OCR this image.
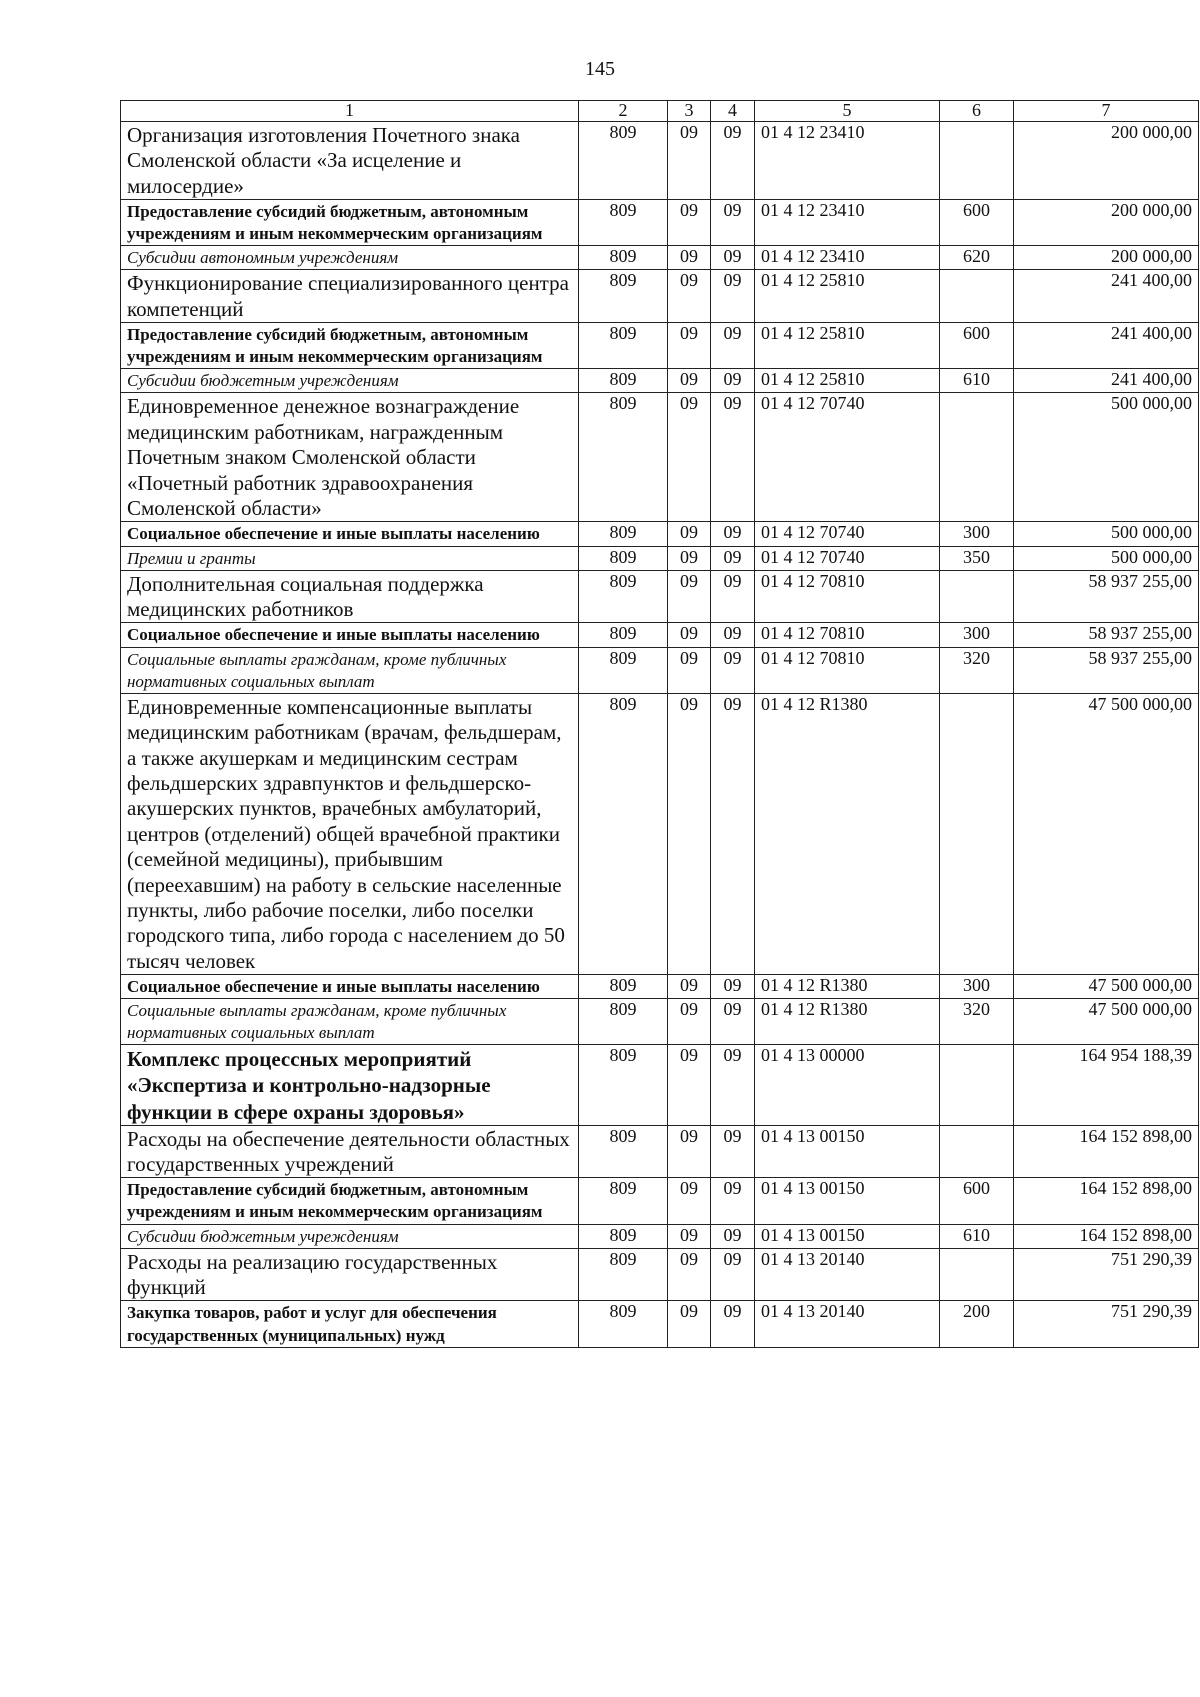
145
1	2	3	4	5	6	7
Организация изготовления Почетного знака Смоленской области «За исцеление и милосердие»	809	09	09	01 4 12 23410		200 000,00
Предоставление субсидий бюджетным, автономным учреждениям и иным некоммерческим организациям	809	09	09	01 4 12 23410	600	200 000,00
Субсидии автономным учреждениям	809	09	09	01 4 12 23410	620	200 000,00
Функционирование специализированного центра компетенций	809	09	09	01 4 12 25810		241 400,00
Предоставление субсидий бюджетным, автономным учреждениям и иным некоммерческим организациям	809	09	09	01 4 12 25810	600	241 400,00
Субсидии бюджетным учреждениям	809	09	09	01 4 12 25810	610	241 400,00
Единовременное денежное вознаграждение медицинским работникам, награжденным Почетным знаком Смоленской области «Почетный работник здравоохранения Смоленской области»	809	09	09	01 4 12 70740		500 000,00
Социальное обеспечение и иные выплаты населению	809	09	09	01 4 12 70740	300	500 000,00
Премии и гранты	809	09	09	01 4 12 70740	350	500 000,00
Дополнительная социальная поддержка медицинских работников	809	09	09	01 4 12 70810		58 937 255,00
Социальное обеспечение и иные выплаты населению	809	09	09	01 4 12 70810	300	58 937 255,00
Социальные выплаты гражданам, кроме публичных нормативных социальных выплат	809	09	09	01 4 12 70810	320	58 937 255,00
Единовременные компенсационные выплаты медицинским работникам (врачам, фельдшерам, а также акушеркам и медицинским сестрам фельдшерских здравпунктов и фельдшерско-акушерских пунктов, врачебных амбулаторий, центров (отделений) общей врачебной практики (семейной медицины), прибывшим (переехавшим) на работу в сельские населенные пункты, либо рабочие поселки, либо поселки городского типа, либо города с населением до 50 тысяч человек	809	09	09	01 4 12 R1380		47 500 000,00
Социальное обеспечение и иные выплаты населению	809	09	09	01 4 12 R1380	300	47 500 000,00
Социальные выплаты гражданам, кроме публичных нормативных социальных выплат	809	09	09	01 4 12 R1380	320	47 500 000,00
Комплекс процессных мероприятий «Экспертиза и контрольно-надзорные функции в сфере охраны здоровья»	809	09	09	01 4 13 00000		164 954 188,39
Расходы на обеспечение деятельности областных государственных учреждений	809	09	09	01 4 13 00150		164 152 898,00
Предоставление субсидий бюджетным, автономным учреждениям и иным некоммерческим организациям	809	09	09	01 4 13 00150	600	164 152 898,00
Субсидии бюджетным учреждениям	809	09	09	01 4 13 00150	610	164 152 898,00
Расходы на реализацию государственных функций	809	09	09	01 4 13 20140		751 290,39
Закупка товаров, работ и услуг для обеспечения государственных (муниципальных) нужд	809	09	09	01 4 13 20140	200	751 290,39
